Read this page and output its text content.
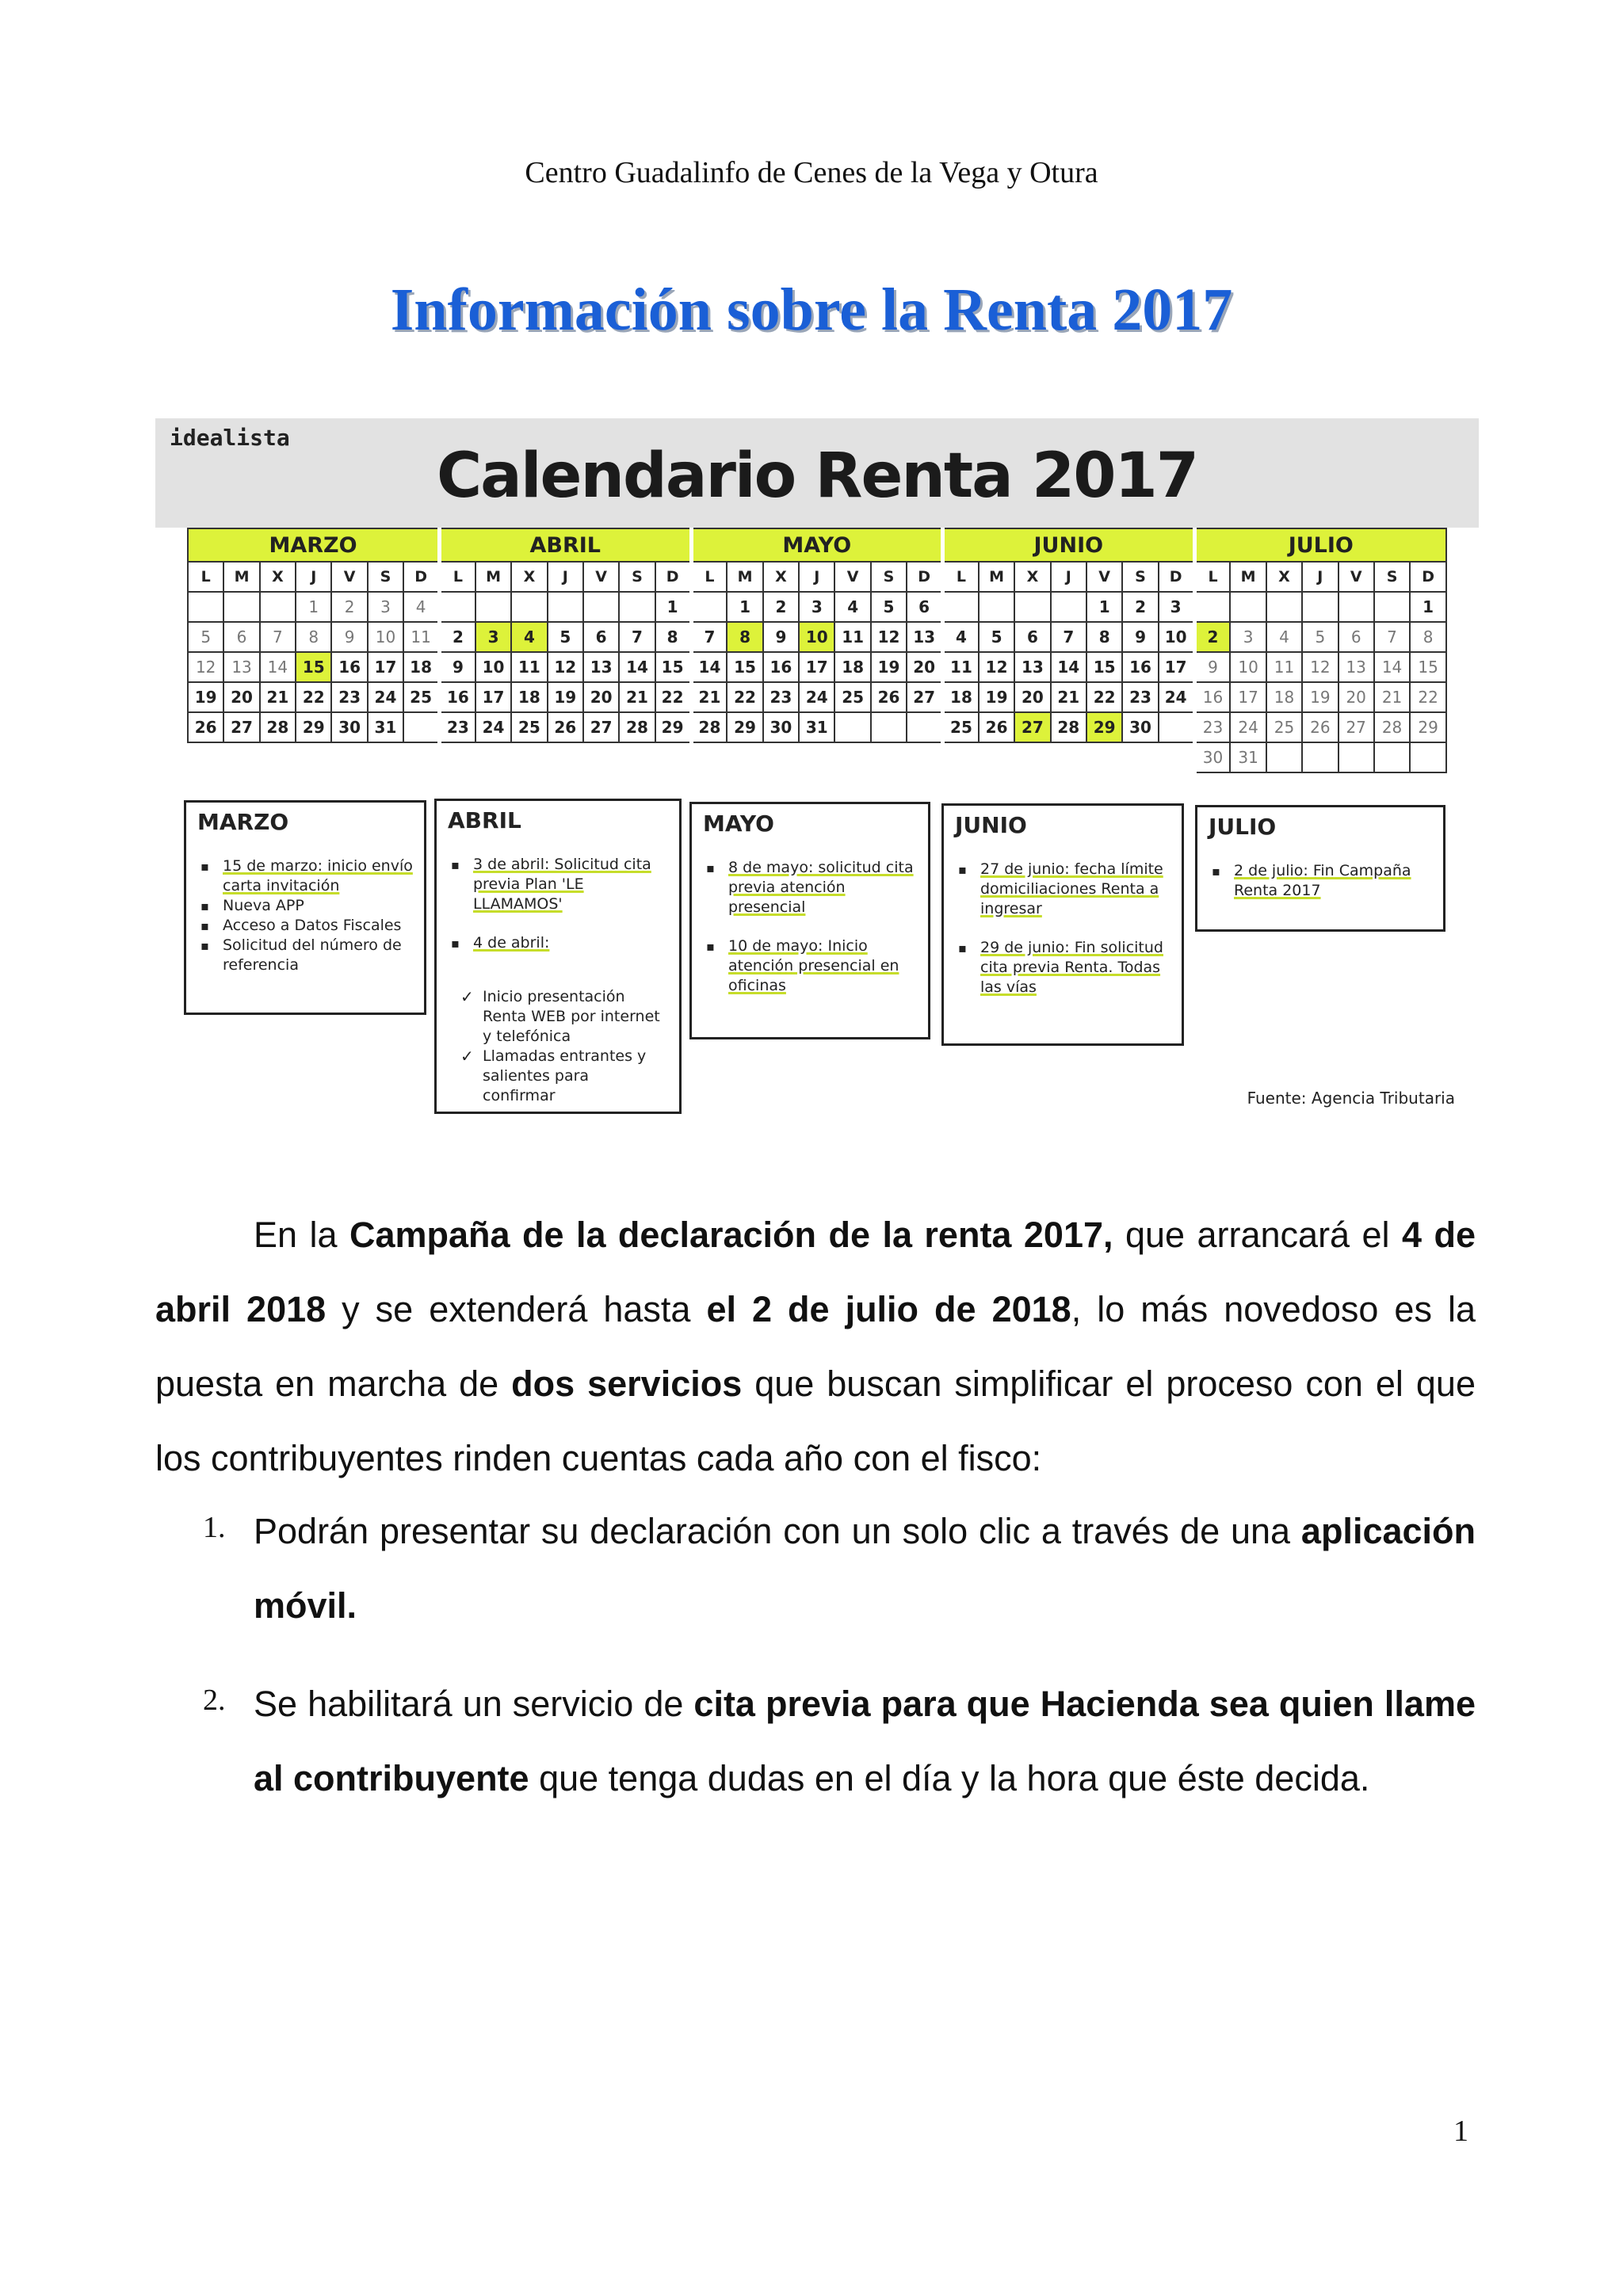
Centro Guadalinfo de Cenes de la Vega y Otura
Información sobre la Renta 2017
idealista
Calendario Renta 2017
MARZO							ABRIL							MAYO							JUNIO							JULIO						
L	M	X	J	V	S	D	L	M	X	J	V	S	D	L	M	X	J	V	S	D	L	M	X	J	V	S	D	L	M	X	J	V	S	D
			1	2	3	4							1		1	2	3	4	5	6					1	2	3							1
5	6	7	8	9	10	11	2	3	4	5	6	7	8	7	8	9	10	11	12	13	4	5	6	7	8	9	10	2	3	4	5	6	7	8
12	13	14	15	16	17	18	9	10	11	12	13	14	15	14	15	16	17	18	19	20	11	12	13	14	15	16	17	9	10	11	12	13	14	15
19	20	21	22	23	24	25	16	17	18	19	20	21	22	21	22	23	24	25	26	27	18	19	20	21	22	23	24	16	17	18	19	20	21	22
26	27	28	29	30	31		23	24	25	26	27	28	29	28	29	30	31				25	26	27	28	29	30		23	24	25	26	27	28	29
																												30	31					
MARZO
▪ 15 de marzo: inicio envío carta invitación
▪ Nueva APP
▪ Acceso a Datos Fiscales
▪ Solicitud del número de referencia
ABRIL
▪ 3 de abril: Solicitud cita previa Plan 'LE LLAMAMOS'
▪ 4 de abril:
✓ Inicio presentación Renta WEB por internet y telefónica
✓ Llamadas entrantes y salientes para confirmar
MAYO
▪ 8 de mayo: solicitud cita previa atención presencial
▪ 10 de mayo: Inicio atención presencial en oficinas
JUNIO
▪ 27 de junio: fecha límite domiciliaciones Renta a ingresar
▪ 29 de junio: Fin solicitud cita previa Renta. Todas las vías
JULIO
▪ 2 de julio: Fin Campaña Renta 2017
Fuente: Agencia Tributaria
En la Campaña de la declaración de la renta 2017, que arrancará el 4 de abril 2018 y se extenderá hasta el 2 de julio de 2018, lo más novedoso es la puesta en marcha de dos servicios que buscan simplificar el proceso con el que los contribuyentes rinden cuentas cada año con el fisco:
1. Podrán presentar su declaración con un solo clic a través de una aplicación móvil.
2. Se habilitará un servicio de cita previa para que Hacienda sea quien llame al contribuyente que tenga dudas en el día y la hora que éste decida.
1
